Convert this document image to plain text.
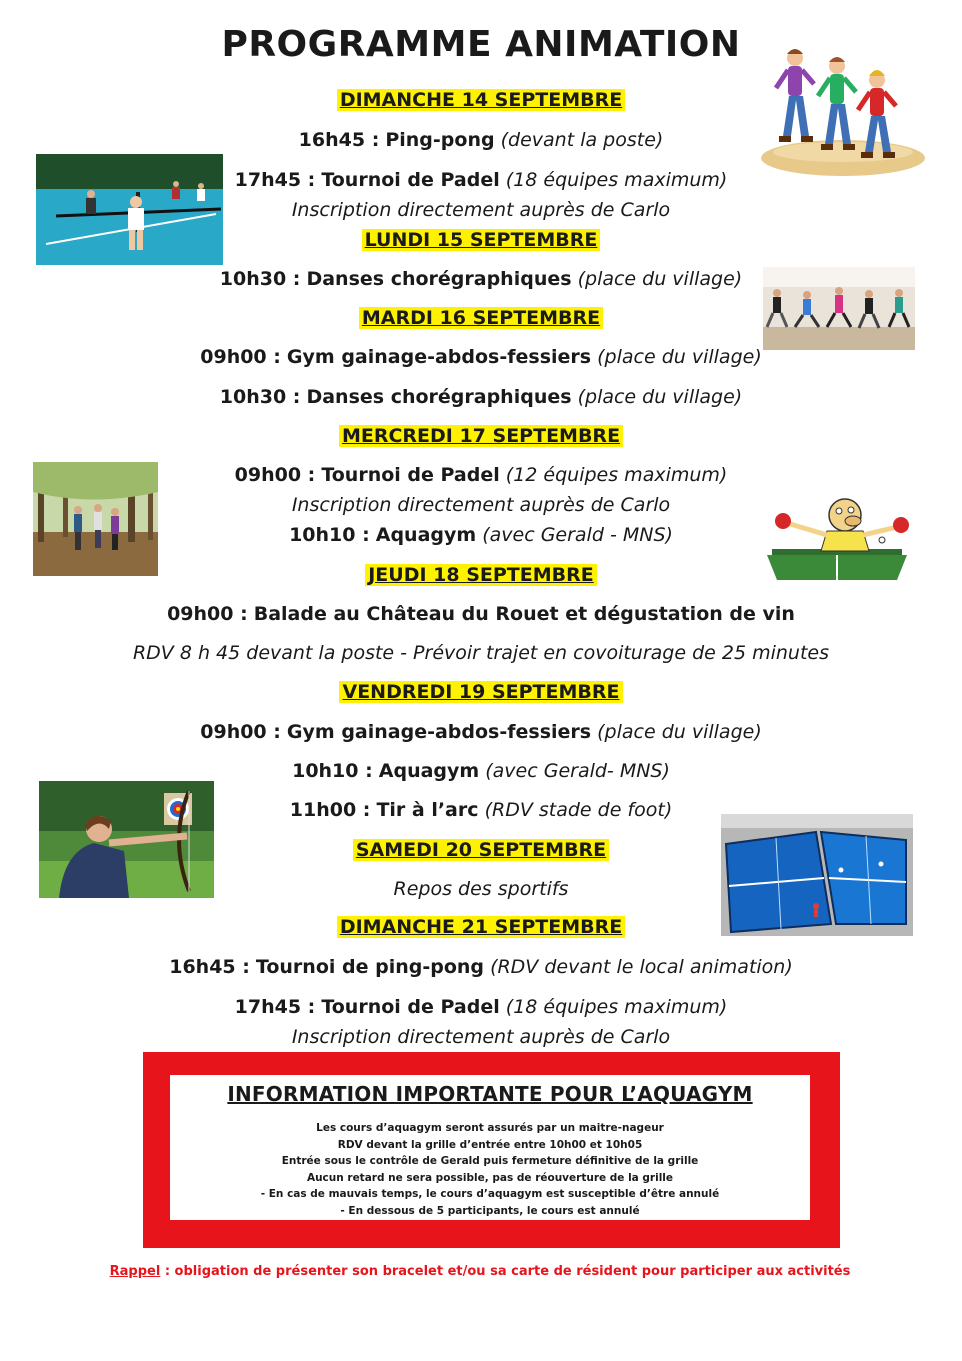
PROGRAMME ANIMATION
DIMANCHE 14 SEPTEMBRE
16h45 : Ping-pong (devant la poste)
17h45 : Tournoi de Padel (18 équipes maximum)
Inscription directement auprès de Carlo
LUNDI 15 SEPTEMBRE
10h30 : Danses chorégraphiques (place du village)
MARDI 16 SEPTEMBRE
09h00 : Gym gainage-abdos-fessiers (place du village)
10h30 : Danses chorégraphiques (place du village)
MERCREDI 17 SEPTEMBRE
09h00 : Tournoi de Padel (12 équipes maximum)
Inscription directement auprès de Carlo
10h10 : Aquagym (avec Gerald - MNS)
JEUDI 18 SEPTEMBRE
09h00 : Balade au Château du Rouet et dégustation de vin
RDV 8 h 45 devant la poste - Prévoir trajet en covoiturage de 25 minutes
VENDREDI 19 SEPTEMBRE
09h00 : Gym gainage-abdos-fessiers (place du village)
10h10 : Aquagym (avec Gerald- MNS)
11h00 : Tir à l’arc (RDV stade de foot)
SAMEDI 20 SEPTEMBRE
Repos des sportifs
DIMANCHE 21 SEPTEMBRE
16h45 : Tournoi de ping-pong (RDV devant le local animation)
17h45 : Tournoi de Padel (18 équipes maximum)
Inscription directement auprès de Carlo
INFORMATION IMPORTANTE POUR L’AQUAGYM
Les cours d’aquagym seront assurés par un maitre-nageur
RDV devant la grille d’entrée entre 10h00 et 10h05
Entrée sous le contrôle de Gerald puis fermeture définitive de la grille
Aucun retard ne sera possible, pas de réouverture de la grille
- En cas de mauvais temps, le cours d’aquagym est susceptible d’être annulé
- En dessous de 5 participants, le cours est annulé
Rappel : obligation de présenter son bracelet et/ou sa carte de résident pour participer aux activités
